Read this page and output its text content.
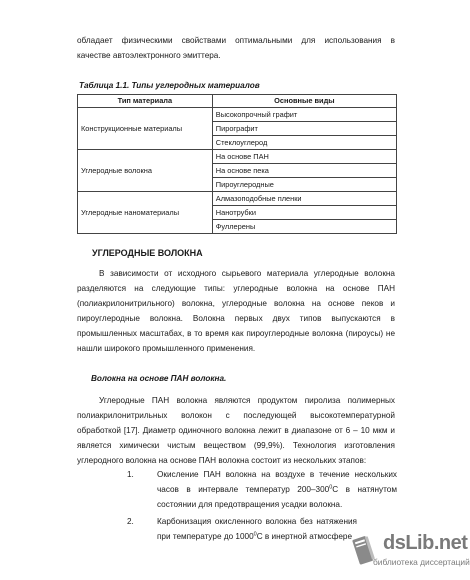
обладает физическими свойствами оптимальными для использования в
качестве автоэлектронного эмиттера.

Таблица 1.1. Типы углеродных материалов

Тип материала	Основные виды
Конструкционные материалы	Высокопрочный графит
	Пирографит
	Стеклоуглерод
Углеродные волокна	На основе ПАН
	На основе пека
	Пироуглеродные
Углеродные наноматериалы	Алмазоподобные пленки
	Нанотрубки
	Фуллерены

УГЛЕРОДНЫЕ ВОЛОКНА

В зависимости от исходного сырьевого материала углеродные волокна разделяются на следующие типы: углеродные волокна на основе ПАН (полиакрилонитрильного) волокна, углеродные волокна на основе пеков и пироуглеродные волокна. Волокна первых двух типов выпускаются в промышленных масштабах, в то время как пироуглеродные волокна (пироусы) не нашли широкого промышленного применения.

Волокна на основе ПАН волокна.

Углеродные ПАН волокна являются продуктом пиролиза полимерных полиакрилонитрильных волокон с последующей высокотемпературной обработкой [17]. Диаметр одиночного волокна лежит в диапазоне от 6 – 10 мкм и является химически чистым веществом (99,9%). Технология изготовления углеродного волокна на основе ПАН волокна состоит из нескольких этапов:

1.	Окисление ПАН волокна на воздухе в течение нескольких часов в интервале температур $200-300^0С$ в натянутом состоянии для предотвращения усадки волокна.

2.	Карбонизация окисленного волокна без натяжения при температуре до 1000$^0$С в инертной атмосфере dsLib.net
библиотека диссертаций
